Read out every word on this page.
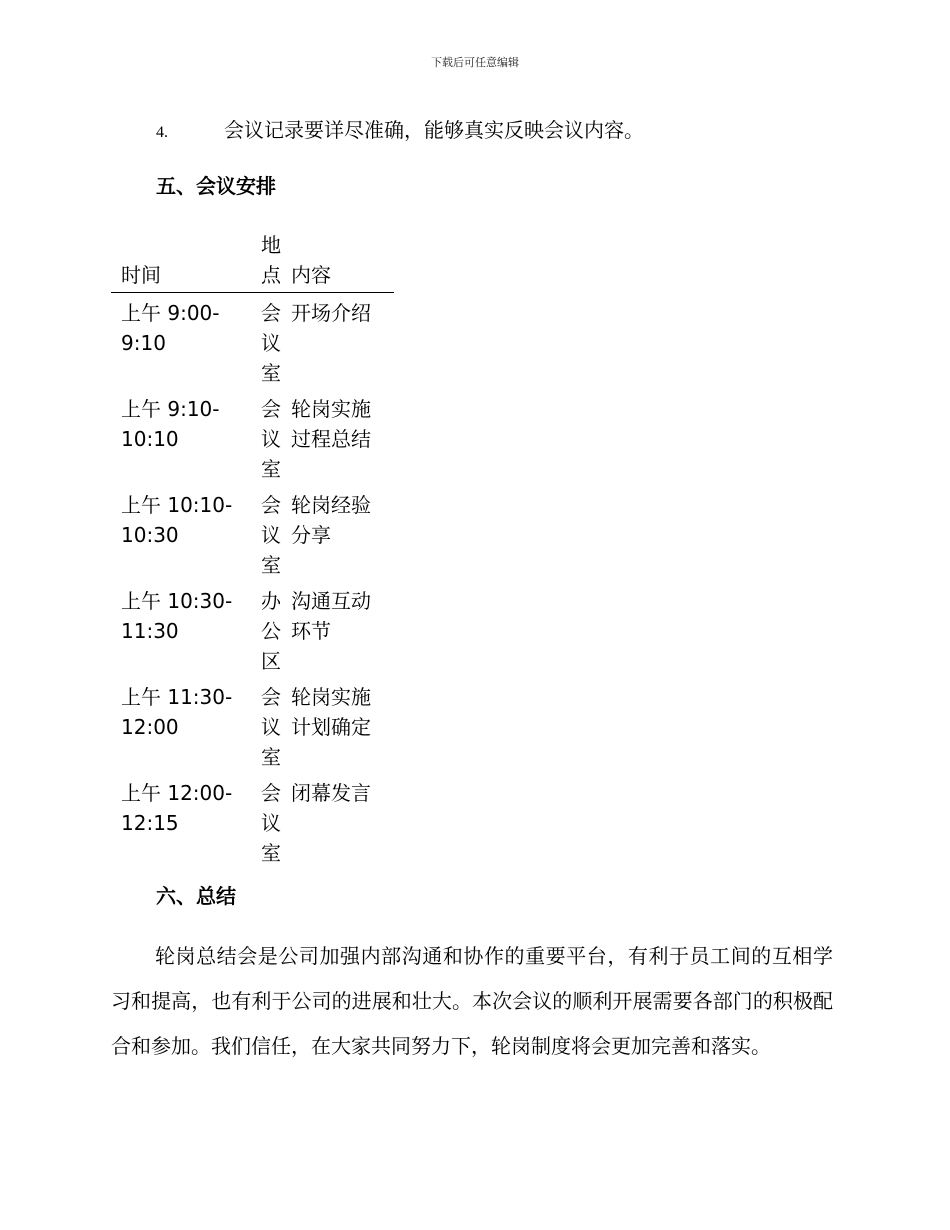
下载后可任意编辑
4.	会议记录要详尽准确，能够真实反映会议内容。
五、会议安排
时间	地点	内容
上午 9:00-
9:10	会议室	开场介绍
上午 9:10-
10:10	会议室	轮岗实施过程总结
上午 10:10-
10:30	会议室	轮岗经验分享
上午 10:30-
11:30	办公区	沟通互动环节
上午 11:30-
12:00	会议室	轮岗实施计划确定
上午 12:00-
12:15	会议室	闭幕发言
六、总结

轮岗总结会是公司加强内部沟通和协作的重要平台，有利于员工间的互相学习和提高，也有利于公司的进展和壮大。本次会议的顺利开展需要各部门的积极配合和参加。我们信任，在大家共同努力下，轮岗制度将会更加完善和落实。
